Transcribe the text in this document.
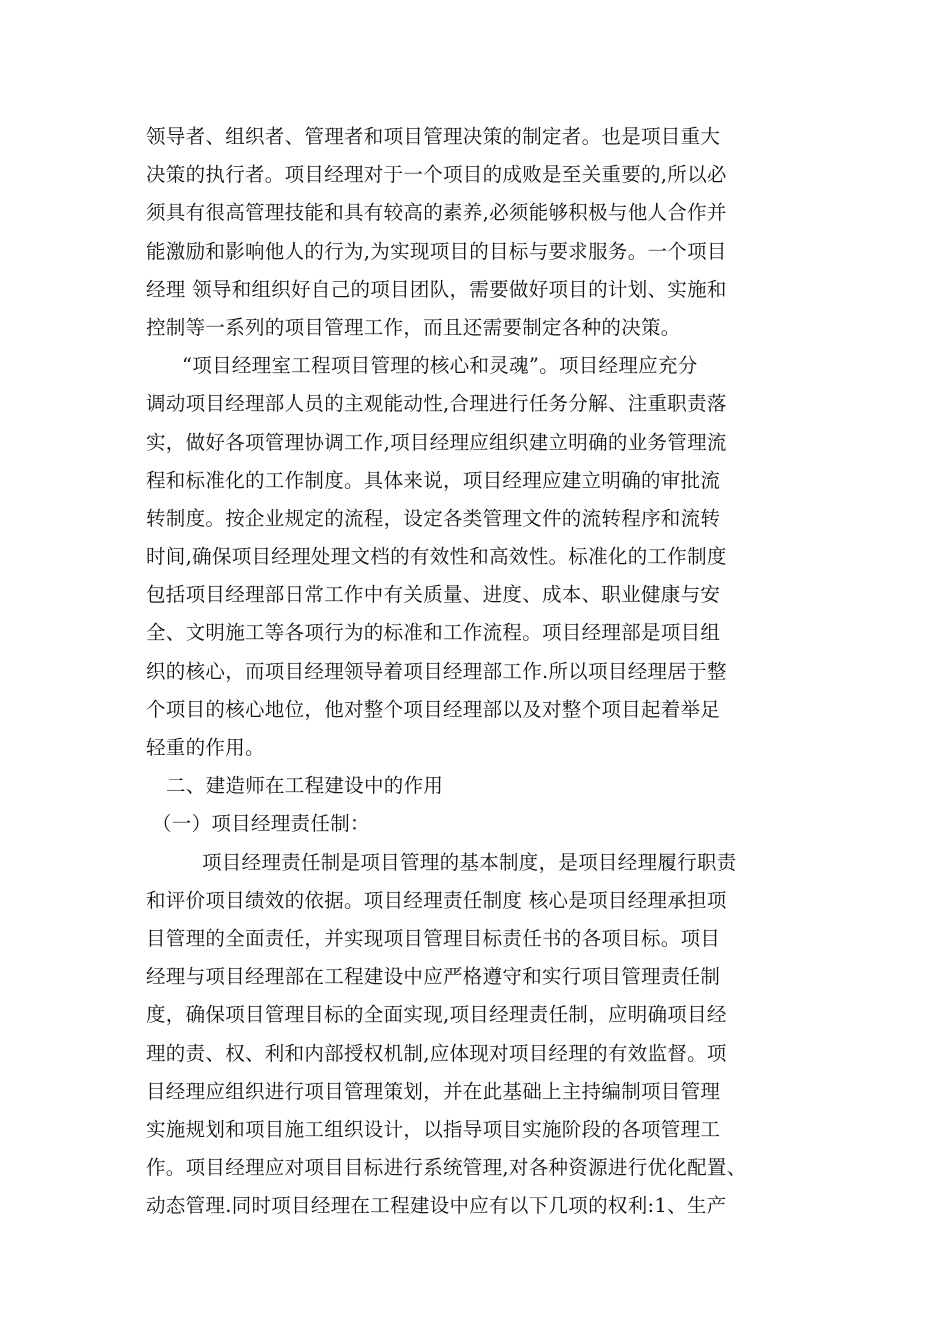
领导者、组织者、管理者和项目管理决策的制定者。也是项目重大
决策的执行者。项目经理对于一个项目的成败是至关重要的,所以必
须具有很高管理技能和具有较高的素养,必须能够积极与他人合作并
能激励和影响他人的行为,为实现项目的目标与要求服务。一个项目
经理 领导和组织好自己的项目团队，需要做好项目的计划、实施和
控制等一系列的项目管理工作，而且还需要制定各种的决策。
“项目经理室工程项目管理的核心和灵魂”。项目经理应充分
调动项目经理部人员的主观能动性,合理进行任务分解、注重职责落
实，做好各项管理协调工作,项目经理应组织建立明确的业务管理流
程和标准化的工作制度。具体来说，项目经理应建立明确的审批流
转制度。按企业规定的流程，设定各类管理文件的流转程序和流转
时间,确保项目经理处理文档的有效性和高效性。标准化的工作制度
包括项目经理部日常工作中有关质量、进度、成本、职业健康与安
全、文明施工等各项行为的标准和工作流程。项目经理部是项目组
织的核心，而项目经理领导着项目经理部工作.所以项目经理居于整
个项目的核心地位，他对整个项目经理部以及对整个项目起着举足
轻重的作用。
二、建造师在工程建设中的作用
（一）项目经理责任制：
项目经理责任制是项目管理的基本制度，是项目经理履行职责
和评价项目绩效的依据。项目经理责任制度 核心是项目经理承担项
目管理的全面责任，并实现项目管理目标责任书的各项目标。项目
经理与项目经理部在工程建设中应严格遵守和实行项目管理责任制
度，确保项目管理目标的全面实现,项目经理责任制，应明确项目经
理的责、权、利和内部授权机制,应体现对项目经理的有效监督。项
目经理应组织进行项目管理策划，并在此基础上主持编制项目管理
实施规划和项目施工组织设计，以指导项目实施阶段的各项管理工
作。项目经理应对项目目标进行系统管理,对各种资源进行优化配置、
动态管理.同时项目经理在工程建设中应有以下几项的权利:1、生产
